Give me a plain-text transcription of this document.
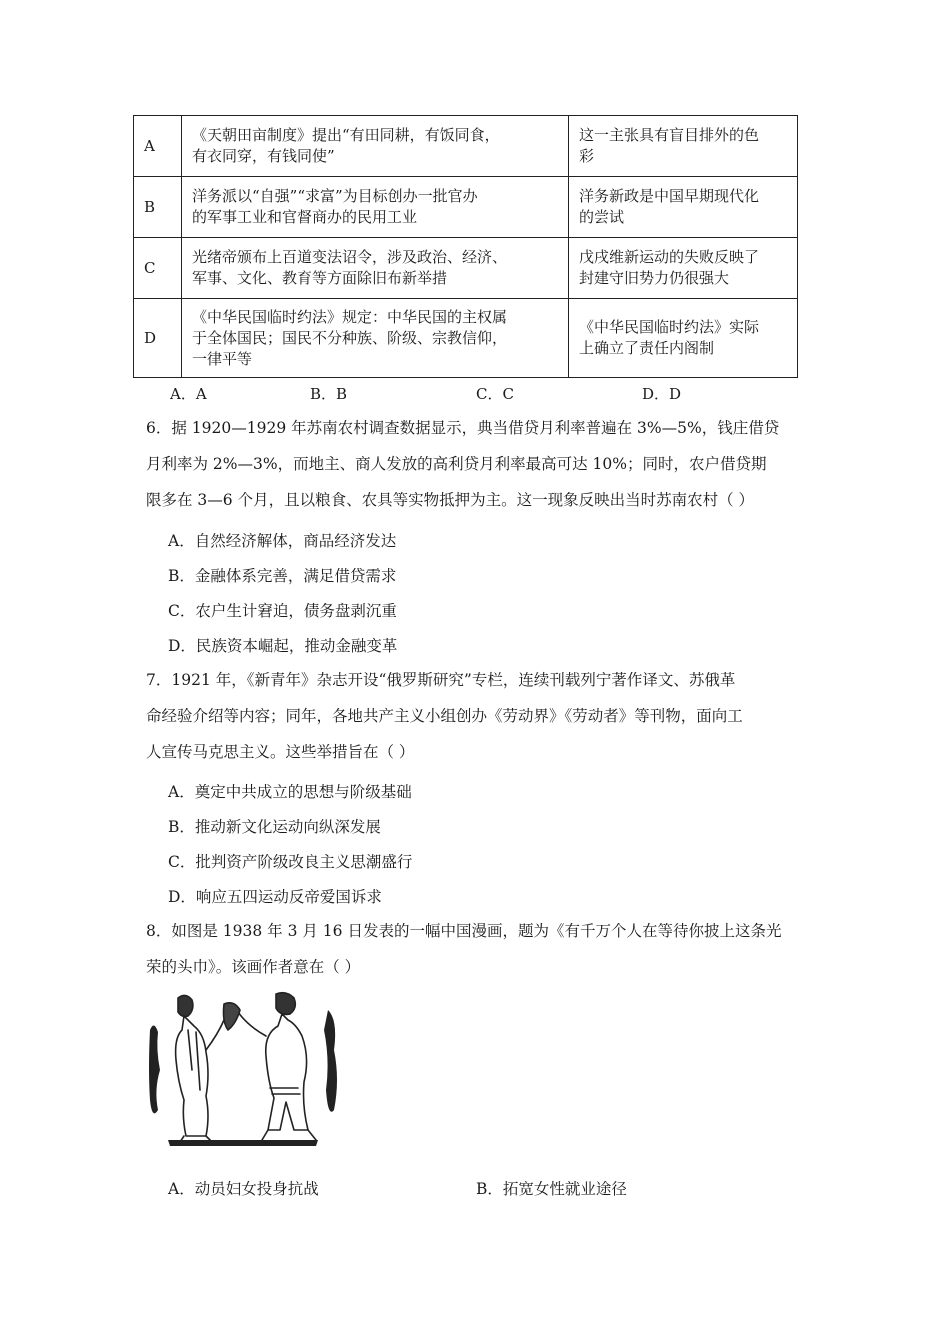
A	《天朝田亩制度》提出“有田同耕，有饭同食，
有衣同穿，有钱同使”	这一主张具有盲目排外的色
彩
B	洋务派以“自强”“求富”为目标创办一批官办
的军事工业和官督商办的民用工业	洋务新政是中国早期现代化
的尝试
C	光绪帝颁布上百道变法诏令，涉及政治、经济、
军事、文化、教育等方面除旧布新举措	戊戌维新运动的失败反映了
封建守旧势力仍很强大
D	《中华民国临时约法》规定：中华民国的主权属
于全体国民；国民不分种族、阶级、宗教信仰，
一律平等	《中华民国临时约法》实际
上确立了责任内阁制
A．A	B．B	C．C	D．D
6．据 1920—1929 年苏南农村调查数据显示，典当借贷月利率普遍在 3%—5%，钱庄借贷
月利率为 2%—3%，而地主、商人发放的高利贷月利率最高可达 10%；同时，农户借贷期
限多在 3—6 个月，且以粮食、农具等实物抵押为主。这一现象反映出当时苏南农村（ ）
A．自然经济解体，商品经济发达
B．金融体系完善，满足借贷需求
C．农户生计窘迫，债务盘剥沉重
D．民族资本崛起，推动金融变革
7．1921 年，《新青年》杂志开设“俄罗斯研究”专栏，连续刊载列宁著作译文、苏俄革
命经验介绍等内容；同年，各地共产主义小组创办《劳动界》《劳动者》等刊物，面向工
人宣传马克思主义。这些举措旨在（ ）
A．奠定中共成立的思想与阶级基础
B．推动新文化运动向纵深发展
C．批判资产阶级改良主义思潮盛行
D．响应五四运动反帝爱国诉求
8．如图是 1938 年 3 月 16 日发表的一幅中国漫画，题为《有千万个人在等待你披上这条光
荣的头巾》。该画作者意在（ ）
A．动员妇女投身抗战	B．拓宽女性就业途径
